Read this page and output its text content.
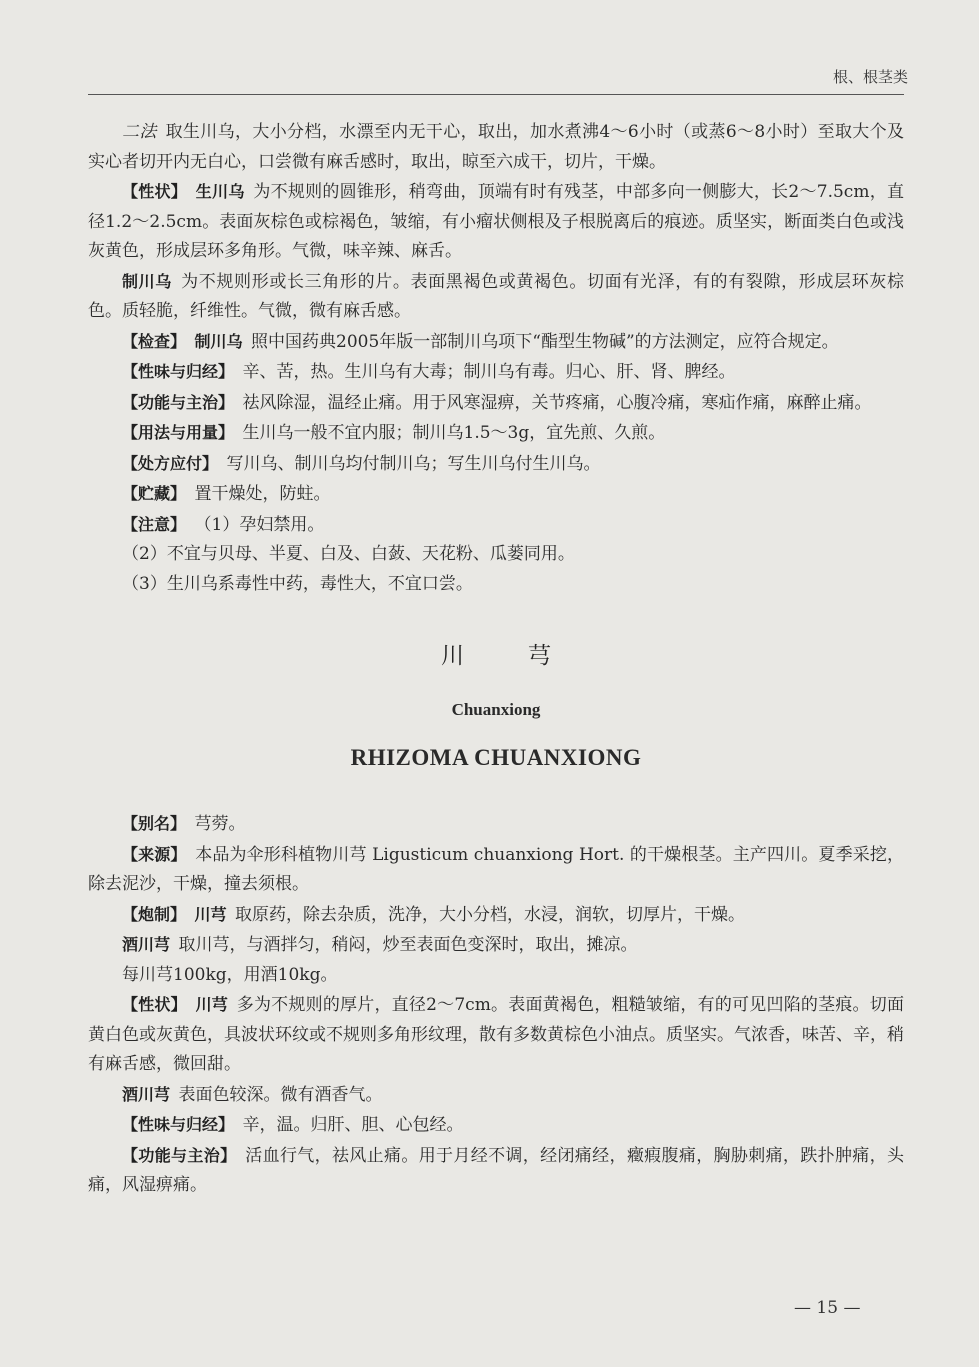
根、根茎类

二法  取生川乌，大小分档，水漂至内无干心，取出，加水煮沸4～6小时（或蒸6～8小时）至取大个及实心者切开内无白心，口尝微有麻舌感时，取出，晾至六成干，切片，干燥。

【性状】  生川乌  为不规则的圆锥形，稍弯曲，顶端有时有残茎，中部多向一侧膨大，长2～7.5cm，直径1.2～2.5cm。表面灰棕色或棕褐色，皱缩，有小瘤状侧根及子根脱离后的痕迹。质坚实，断面类白色或浅灰黄色，形成层环多角形。气微，味辛辣、麻舌。

制川乌  为不规则形或长三角形的片。表面黑褐色或黄褐色。切面有光泽，有的有裂隙，形成层环灰棕色。质轻脆，纤维性。气微，微有麻舌感。

【检查】  制川乌  照中国药典2005年版一部制川乌项下“酯型生物碱”的方法测定，应符合规定。

【性味与归经】  辛、苦，热。生川乌有大毒；制川乌有毒。归心、肝、肾、脾经。

【功能与主治】  祛风除湿，温经止痛。用于风寒湿痹，关节疼痛，心腹冷痛，寒疝作痛，麻醉止痛。

【用法与用量】  生川乌一般不宜内服；制川乌1.5～3g，宜先煎、久煎。

【处方应付】  写川乌、制川乌均付制川乌；写生川乌付生川乌。

【贮藏】  置干燥处，防蛀。

【注意】  （1）孕妇禁用。

（2）不宜与贝母、半夏、白及、白蔹、天花粉、瓜蒌同用。

（3）生川乌系毒性中药，毒性大，不宜口尝。

川芎
Chuanxiong
RHIZOMA CHUANXIONG

【别名】  芎䓖。

【来源】  本品为伞形科植物川芎 Ligusticum chuanxiong Hort. 的干燥根茎。主产四川。夏季采挖，除去泥沙，干燥，撞去须根。

【炮制】  川芎  取原药，除去杂质，洗净，大小分档，水浸，润软，切厚片，干燥。

酒川芎  取川芎，与酒拌匀，稍闷，炒至表面色变深时，取出，摊凉。

每川芎100kg，用酒10kg。

【性状】  川芎  多为不规则的厚片，直径2～7cm。表面黄褐色，粗糙皱缩，有的可见凹陷的茎痕。切面黄白色或灰黄色，具波状环纹或不规则多角形纹理，散有多数黄棕色小油点。质坚实。气浓香，味苦、辛，稍有麻舌感，微回甜。

酒川芎  表面色较深。微有酒香气。

【性味与归经】  辛，温。归肝、胆、心包经。

【功能与主治】  活血行气，祛风止痛。用于月经不调，经闭痛经，癥瘕腹痛，胸胁刺痛，跌扑肿痛，头痛，风湿痹痛。

— 15 —
